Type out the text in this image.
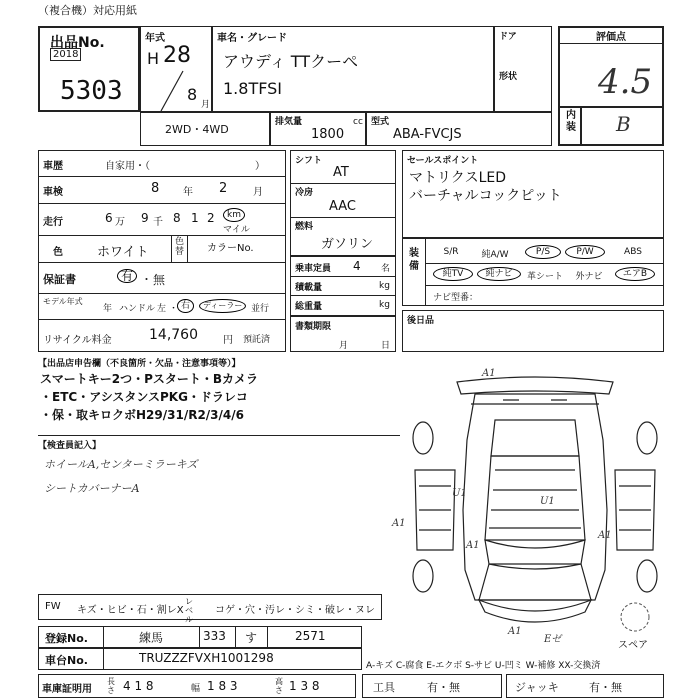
（複合機）対応用紙
出品No.
2018
5303
年式
H 28
8
月
車名・グレード
アウディ TTクーペ
1.8TFSI
ドア
形状
評価点
4.5
内装 B
2WD・4WD
排気量
1800
cc 型式
ABA-FVCJS
車歴	自家用・（	）
車検	8 年 2	月
走行	6 万 9 千 8 1 2	km
マイル
色	ホワイト
色替 カラーNo.
保証書	有 ・ 無
モデル年式
年 ハンドル 左 ・ 右	ディーラー 並行
リサイクル料金	14,760	円 預託済
シフト
AT
冷房
AAC
燃料
ガソリン
乗車定員 4 名
積載量	kg
総重量	kg
書類期限
月	日
セールスポイント
マトリクスLED
バーチャルコックピット
装備
S/R	純A/W	P/S	P/W	ABS
純TV	純ナビ	革シート	外ナビ	エアB
ナビ型番：
後日品
【出品店申告欄（不良箇所・欠品・注意事項等）】
スマートキー2つ・Pスタート・Bカメラ
・ETC・アシスタンスPKG・ドラレコ
・保・取キロクボH29/31/R2/3/4/6
【検査員記入】
ホイールA,センターミラーキズ
シートカバーナーA
A1
U1
A1
A1
A1
A1
U1
Eゼ
スペア
FW キズ・ヒビ・石・割レX
レベル
コゲ・穴・汚レ・シミ・破レ・ヌレ
登録No.	練馬	333 す	2571
車台No.	TRUZZZFVXH1001298
A-キズ C-腐食 E-エクボ S-サビ U-凹ミ W-補修 XX-交換済
車庫証明用
長さ 4 1 8	幅 1 8 3	高さ 1 3 8	工具	有・無	ジャッキ	有・無
